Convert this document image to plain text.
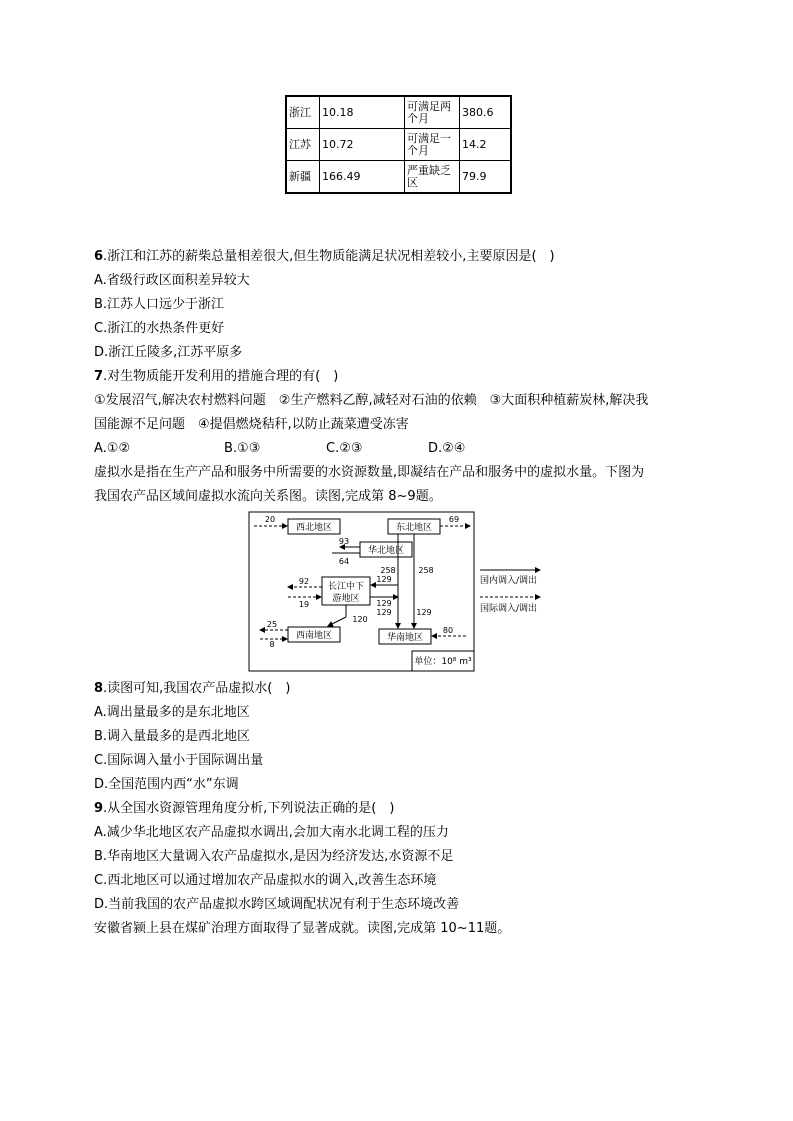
浙江	10.18	可满足两个月	380.6
江苏	10.72	可满足一个月	14.2
新疆	166.49	严重缺乏区	79.9
6.浙江和江苏的薪柴总量相差很大,但生物质能满足状况相差较小,主要原因是(　)
A.省级行政区面积差异较大
B.江苏人口远少于浙江
C.浙江的水热条件更好
D.浙江丘陵多,江苏平原多
7.对生物质能开发利用的措施合理的有(　)
①发展沼气,解决农村燃料问题　②生产燃料乙醇,减轻对石油的依赖　③大面积种植薪炭林,解决我
国能源不足问题　④提倡燃烧秸秆,以防止蔬菜遭受冻害
A.①②	B.①③	C.②③	D.②④
虚拟水是指在生产产品和服务中所需要的水资源数量,即凝结在产品和服务中的虚拟水量。下图为
我国农产品区域间虚拟水流向关系图。读图,完成第 8~9题。
西北地区	东北地区
华北地区
长江中下
游地区
西南地区	华南地区
20	69
92
19
25
8
80
93
64
258	258
129
129
129	129
120
单位：10⁸ m³
国内调入/调出
国际调入/调出
8.读图可知,我国农产品虚拟水(　)
A.调出量最多的是东北地区
B.调入量最多的是西北地区
C.国际调入量小于国际调出量
D.全国范围内西“水”东调
9.从全国水资源管理角度分析,下列说法正确的是(　)
A.减少华北地区农产品虚拟水调出,会加大南水北调工程的压力
B.华南地区大量调入农产品虚拟水,是因为经济发达,水资源不足
C.西北地区可以通过增加农产品虚拟水的调入,改善生态环境
D.当前我国的农产品虚拟水跨区域调配状况有利于生态环境改善
安徽省颍上县在煤矿治理方面取得了显著成就。读图,完成第 10~11题。
